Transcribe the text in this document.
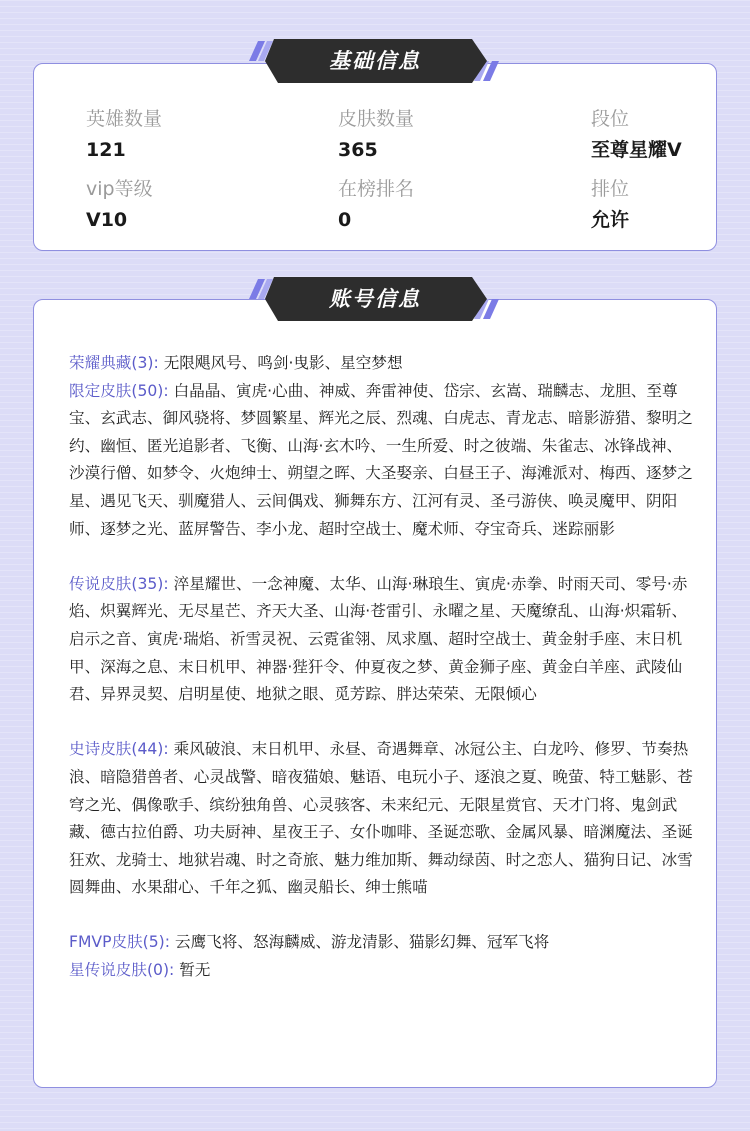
英雄数量
121
皮肤数量
365
段位
至尊星耀V
vip等级
V10
在榜排名
0
排位
允许
基础信息

荣耀典藏(3): 无限飓风号、鸣剑·曳影、星空梦想

限定皮肤(50): 白晶晶、寅虎·心曲、神威、奔雷神使、岱宗、玄嵩、瑞麟志、龙胆、至尊宝、玄武志、御风骁将、梦圆繁星、辉光之辰、烈魂、白虎志、青龙志、暗影游猎、黎明之约、幽恒、匿光追影者、飞衡、山海·玄木吟、一生所爱、时之彼端、朱雀志、冰锋战神、沙漠行僧、如梦令、火炮绅士、朔望之晖、大圣娶亲、白昼王子、海滩派对、梅西、逐梦之星、遇见飞天、驯魔猎人、云间偶戏、狮舞东方、江河有灵、圣弓游侠、唤灵魔甲、阴阳师、逐梦之光、蓝屏警告、李小龙、超时空战士、魔术师、夺宝奇兵、迷踪丽影

传说皮肤(35): 淬星耀世、一念神魔、太华、山海·琳琅生、寅虎·赤拳、时雨天司、零号·赤焰、炽翼辉光、无尽星芒、齐天大圣、山海·苍雷引、永曜之星、天魔缭乱、山海·炽霜斩、启示之音、寅虎·瑞焰、祈雪灵祝、云霓雀翎、凤求凰、超时空战士、黄金射手座、末日机甲、深海之息、末日机甲、神器·狴犴令、仲夏夜之梦、黄金狮子座、黄金白羊座、武陵仙君、异界灵契、启明星使、地狱之眼、觅芳踪、胖达荣荣、无限倾心

史诗皮肤(44): 乘风破浪、末日机甲、永昼、奇遇舞章、冰冠公主、白龙吟、修罗、节奏热浪、暗隐猎兽者、心灵战警、暗夜猫娘、魅语、电玩小子、逐浪之夏、晚萤、特工魅影、苍穹之光、偶像歌手、缤纷独角兽、心灵骇客、未来纪元、无限星赏官、天才门将、鬼剑武藏、德古拉伯爵、功夫厨神、星夜王子、女仆咖啡、圣诞恋歌、金属风暴、暗渊魔法、圣诞狂欢、龙骑士、地狱岩魂、时之奇旅、魅力维加斯、舞动绿茵、时之恋人、猫狗日记、冰雪圆舞曲、水果甜心、千年之狐、幽灵船长、绅士熊喵

FMVP皮肤(5): 云鹰飞将、怒海麟威、游龙清影、猫影幻舞、冠军飞将

星传说皮肤(0): 暂无

账号信息
